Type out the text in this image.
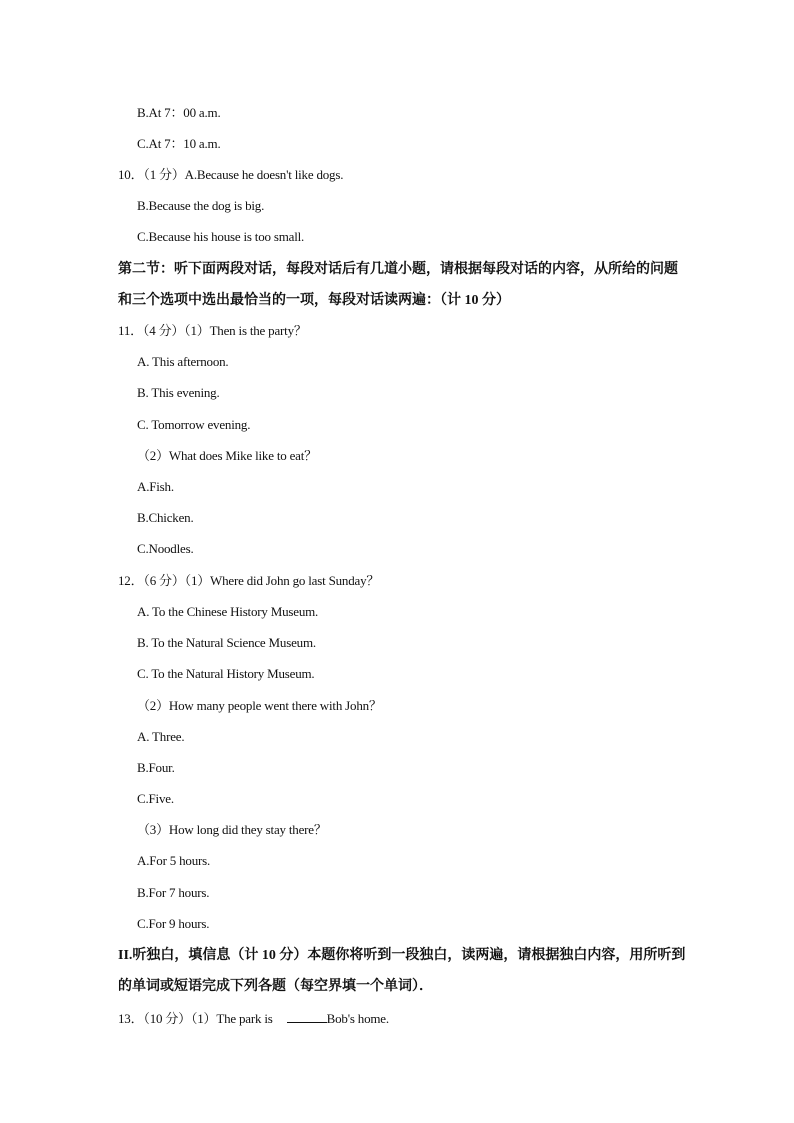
B.At 7：00 a.m.
C.At 7：10 a.m.
10．（1 分）A.Because he doesn't like dogs.
B.Because the dog is big.
C.Because his house is too small.
第二节：听下面两段对话，每段对话后有几道小题，请根据每段对话的内容，从所给的问题和三个选项中选出最恰当的一项，每段对话读两遍：（计 10 分）
11．（4 分）（1）Then is the party？
A. This afternoon.
B. This evening.
C. Tomorrow evening.
（2）What does Mike like to eat？
A.Fish.
B.Chicken.
C.Noodles.
12．（6 分）（1）Where did John go last Sunday？
A. To the Chinese History Museum.
B. To the Natural Science Museum.
C. To the Natural History Museum.
（2）How many people went there with John？
A. Three.
B.Four.
C.Five.
（3）How long did they stay there？
A.For 5 hours.
B.For 7 hours.
C.For 9 hours.
II.听独白，填信息（计 10 分）本题你将听到一段独白，读两遍，请根据独白内容，用所听到的单词或短语完成下列各题（每空界填一个单词）．
13．（10 分）（1）The park is	Bob's home.
